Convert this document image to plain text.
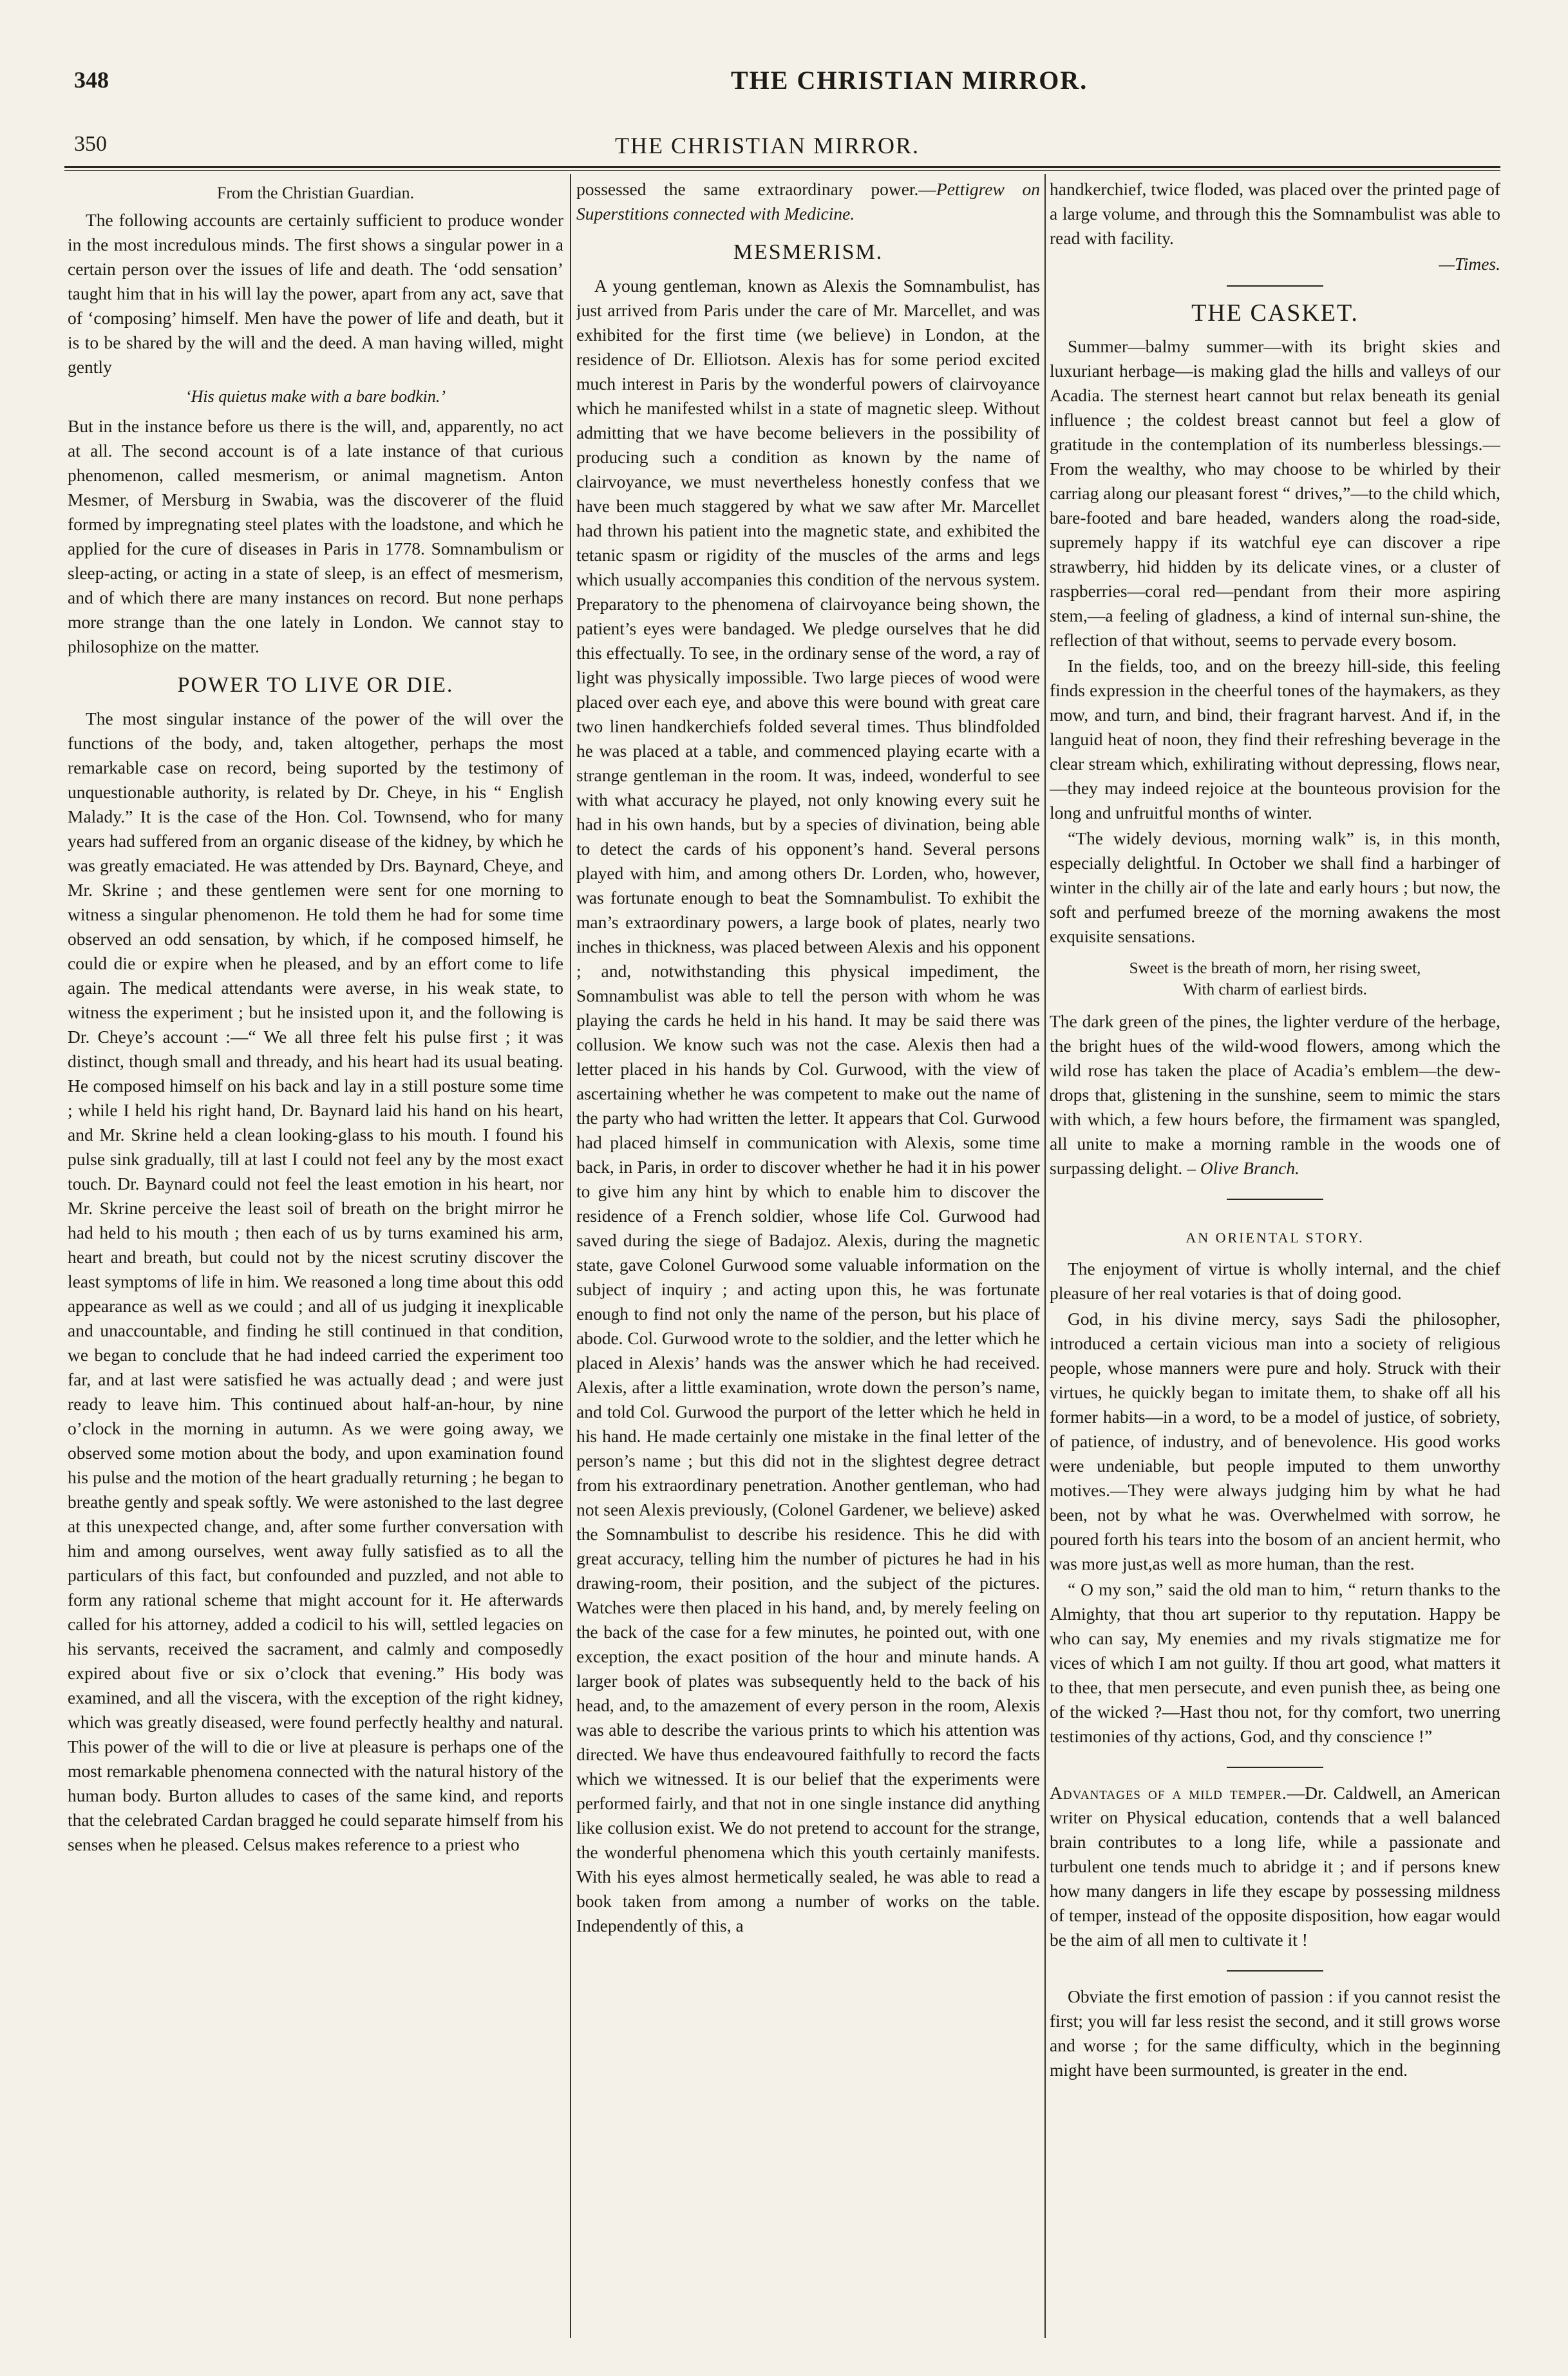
348	THE CHRISTIAN MIRROR.
350	THE CHRISTIAN MIRROR.
From the Christian Guardian.

The following accounts are certainly sufficient to produce wonder in the most incredulous minds. The first shows a singular power in a certain person over the issues of life and death. The ‘odd sensation’ taught him that in his will lay the power, apart from any act, save that of ‘composing’ himself. Men have the power of life and death, but it is to be shared by the will and the deed. A man having willed, might gently

‘His quietus make with a bare bodkin.’

But in the instance before us there is the will, and, apparently, no act at all. The second account is of a late instance of that curious phenomenon, called mesmerism, or animal magnetism. Anton Mesmer, of Mersburg in Swabia, was the discoverer of the fluid formed by impregnating steel plates with the loadstone, and which he applied for the cure of diseases in Paris in 1778. Somnambulism or sleep-acting, or acting in a state of sleep, is an effect of mesmerism, and of which there are many instances on record. But none perhaps more strange than the one lately in London. We cannot stay to philosophize on the matter.

POWER TO LIVE OR DIE.

The most singular instance of the power of the will over the functions of the body, and, taken altogether, perhaps the most remarkable case on record, being suported by the testimony of unquestionable authority, is related by Dr. Cheye, in his “ English Malady.” It is the case of the Hon. Col. Townsend, who for many years had suffered from an organic disease of the kidney, by which he was greatly emaciated. He was attended by Drs. Baynard, Cheye, and Mr. Skrine ; and these gentlemen were sent for one morning to witness a singular phenomenon. He told them he had for some time observed an odd sensation, by which, if he composed himself, he could die or expire when he pleased, and by an effort come to life again. The medical attendants were averse, in his weak state, to witness the experiment ; but he insisted upon it, and the following is Dr. Cheye’s account :—“ We all three felt his pulse first ; it was distinct, though small and thready, and his heart had its usual beating. He composed himself on his back and lay in a still posture some time ; while I held his right hand, Dr. Baynard laid his hand on his heart, and Mr. Skrine held a clean looking-glass to his mouth. I found his pulse sink gradually, till at last I could not feel any by the most exact touch. Dr. Baynard could not feel the least emotion in his heart, nor Mr. Skrine perceive the least soil of breath on the bright mirror he had held to his mouth ; then each of us by turns examined his arm, heart and breath, but could not by the nicest scrutiny discover the least symptoms of life in him. We reasoned a long time about this odd appearance as well as we could ; and all of us judging it inexplicable and unaccountable, and finding he still continued in that condition, we began to conclude that he had indeed carried the experiment too far, and at last were satisfied he was actually dead ; and were just ready to leave him. This continued about half-an-hour, by nine o’clock in the morning in autumn. As we were going away, we observed some motion about the body, and upon examination found his pulse and the motion of the heart gradually returning ; he began to breathe gently and speak softly. We were astonished to the last degree at this unexpected change, and, after some further conversation with him and among ourselves, went away fully satisfied as to all the particulars of this fact, but confounded and puzzled, and not able to form any rational scheme that might account for it. He afterwards called for his attorney, added a codicil to his will, settled legacies on his servants, received the sacrament, and calmly and composedly expired about five or six o’clock that evening.” His body was examined, and all the viscera, with the exception of the right kidney, which was greatly diseased, were found perfectly healthy and natural. This power of the will to die or live at pleasure is perhaps one of the most remarkable phenomena connected with the natural history of the human body. Burton alludes to cases of the same kind, and reports that the celebrated Cardan bragged he could separate himself from his senses when he pleased. Celsus makes reference to a priest who

possessed the same extraordinary power.—Pettigrew on Superstitions connected with Medicine.

MESMERISM.

A young gentleman, known as Alexis the Somnambulist, has just arrived from Paris under the care of Mr. Marcellet, and was exhibited for the first time (we believe) in London, at the residence of Dr. Elliotson. Alexis has for some period excited much interest in Paris by the wonderful powers of clairvoyance which he manifested whilst in a state of magnetic sleep. Without admitting that we have become believers in the possibility of producing such a condition as known by the name of clairvoyance, we must nevertheless honestly confess that we have been much staggered by what we saw after Mr. Marcellet had thrown his patient into the magnetic state, and exhibited the tetanic spasm or rigidity of the muscles of the arms and legs which usually accompanies this condition of the nervous system. Preparatory to the phenomena of clairvoyance being shown, the patient’s eyes were bandaged. We pledge ourselves that he did this effectually. To see, in the ordinary sense of the word, a ray of light was physically impossible. Two large pieces of wood were placed over each eye, and above this were bound with great care two linen handkerchiefs folded several times. Thus blindfolded he was placed at a table, and commenced playing ecarte with a strange gentleman in the room. It was, indeed, wonderful to see with what accuracy he played, not only knowing every suit he had in his own hands, but by a species of divination, being able to detect the cards of his opponent’s hand. Several persons played with him, and among others Dr. Lorden, who, however, was fortunate enough to beat the Somnambulist. To exhibit the man’s extraordinary powers, a large book of plates, nearly two inches in thickness, was placed between Alexis and his opponent ; and, notwithstanding this physical impediment, the Somnambulist was able to tell the person with whom he was playing the cards he held in his hand. It may be said there was collusion. We know such was not the case. Alexis then had a letter placed in his hands by Col. Gurwood, with the view of ascertaining whether he was competent to make out the name of the party who had written the letter. It appears that Col. Gurwood had placed himself in communication with Alexis, some time back, in Paris, in order to discover whether he had it in his power to give him any hint by which to enable him to discover the residence of a French soldier, whose life Col. Gurwood had saved during the siege of Badajoz. Alexis, during the magnetic state, gave Colonel Gurwood some valuable information on the subject of inquiry ; and acting upon this, he was fortunate enough to find not only the name of the person, but his place of abode. Col. Gurwood wrote to the soldier, and the letter which he placed in Alexis’ hands was the answer which he had received. Alexis, after a little examination, wrote down the person’s name, and told Col. Gurwood the purport of the letter which he held in his hand. He made certainly one mistake in the final letter of the person’s name ; but this did not in the slightest degree detract from his extraordinary penetration. Another gentleman, who had not seen Alexis previously, (Colonel Gardener, we believe) asked the Somnambulist to describe his residence. This he did with great accuracy, telling him the number of pictures he had in his drawing-room, their position, and the subject of the pictures. Watches were then placed in his hand, and, by merely feeling on the back of the case for a few minutes, he pointed out, with one exception, the exact position of the hour and minute hands. A larger book of plates was subsequently held to the back of his head, and, to the amazement of every person in the room, Alexis was able to describe the various prints to which his attention was directed. We have thus endeavoured faithfully to record the facts which we witnessed. It is our belief that the experiments were performed fairly, and that not in one single instance did anything like collusion exist. We do not pretend to account for the strange, the wonderful phenomena which this youth certainly manifests. With his eyes almost hermetically sealed, he was able to read a book taken from among a number of works on the table. Independently of this, a

handkerchief, twice floded, was placed over the printed page of a large volume, and through this the Somnambulist was able to read with facility.

—Times.
THE CASKET.

Summer—balmy summer—with its bright skies and luxuriant herbage—is making glad the hills and valleys of our Acadia. The sternest heart cannot but relax beneath its genial influence ; the coldest breast cannot but feel a glow of gratitude in the contemplation of its numberless blessings.—From the wealthy, who may choose to be whirled by their carriag along our pleasant forest “ drives,”—to the child which, bare-footed and bare headed, wanders along the road-side, supremely happy if its watchful eye can discover a ripe strawberry, hid hidden by its delicate vines, or a cluster of raspberries—coral red—pendant from their more aspiring stem,—a feeling of gladness, a kind of internal sun-shine, the reflection of that without, seems to pervade every bosom.

In the fields, too, and on the breezy hill-side, this feeling finds expression in the cheerful tones of the haymakers, as they mow, and turn, and bind, their fragrant harvest. And if, in the languid heat of noon, they find their refreshing beverage in the clear stream which, exhilirating without depressing, flows near,—they may indeed rejoice at the bounteous provision for the long and unfruitful months of winter.

“The widely devious, morning walk” is, in this month, especially delightful. In October we shall find a harbinger of winter in the chilly air of the late and early hours ; but now, the soft and perfumed breeze of the morning awakens the most exquisite sensations.

Sweet is the breath of morn, her rising sweet,
With charm of earliest birds.

The dark green of the pines, the lighter verdure of the herbage, the bright hues of the wild-wood flowers, among which the wild rose has taken the place of Acadia’s emblem—the dew-drops that, glistening in the sunshine, seem to mimic the stars with which, a few hours before, the firmament was spangled, all unite to make a morning ramble in the woods one of surpassing delight. – Olive Branch.

AN ORIENTAL STORY.

The enjoyment of virtue is wholly internal, and the chief pleasure of her real votaries is that of doing good.

God, in his divine mercy, says Sadi the philosopher, introduced a certain vicious man into a society of religious people, whose manners were pure and holy. Struck with their virtues, he quickly began to imitate them, to shake off all his former habits—in a word, to be a model of justice, of sobriety, of patience, of industry, and of benevolence. His good works were undeniable, but people imputed to them unworthy motives.—They were always judging him by what he had been, not by what he was. Overwhelmed with sorrow, he poured forth his tears into the bosom of an ancient hermit, who was more just,as well as more human, than the rest.

“ O my son,” said the old man to him, “ return thanks to the Almighty, that thou art superior to thy reputation. Happy be who can say, My enemies and my rivals stigmatize me for vices of which I am not guilty. If thou art good, what matters it to thee, that men persecute, and even punish thee, as being one of the wicked ?—Hast thou not, for thy comfort, two unerring testimonies of thy actions, God, and thy conscience !”

Advantages of a mild temper.—Dr. Caldwell, an American writer on Physical education, contends that a well balanced brain contributes to a long life, while a passionate and turbulent one tends much to abridge it ; and if persons knew how many dangers in life they escape by possessing mildness of temper, instead of the opposite disposition, how eagar would be the aim of all men to cultivate it !

Obviate the first emotion of passion : if you cannot resist the first; you will far less resist the second, and it still grows worse and worse ; for the same difficulty, which in the beginning might have been surmounted, is greater in the end.
